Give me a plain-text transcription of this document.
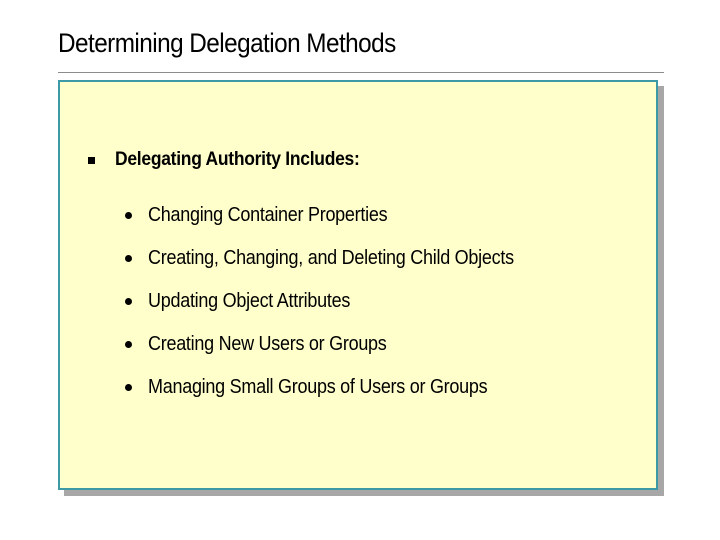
Determining Delegation Methods
Delegating Authority Includes:
Changing Container Properties
Creating, Changing, and Deleting Child Objects
Updating Object Attributes
Creating New Users or Groups
Managing Small Groups of Users or Groups
